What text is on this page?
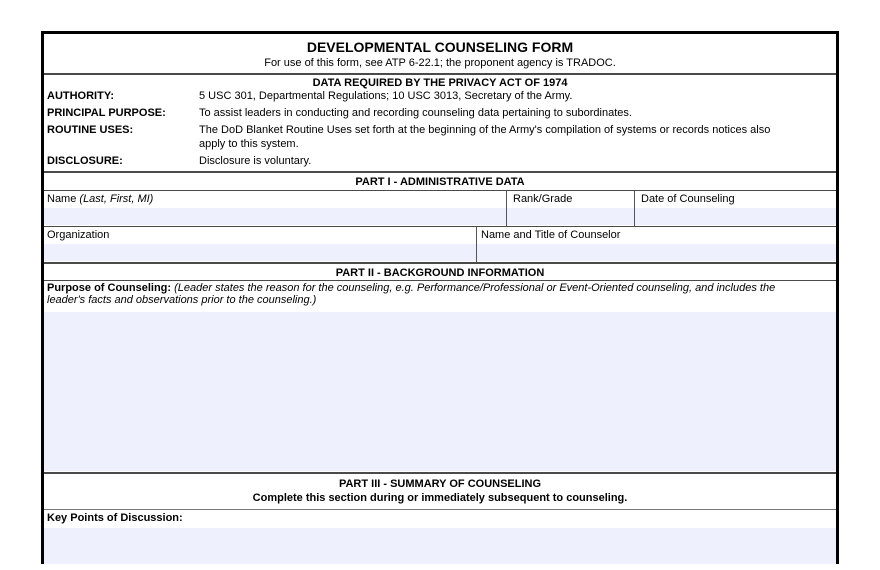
DEVELOPMENTAL COUNSELING FORM
For use of this form, see ATP 6-22.1; the proponent agency is TRADOC.
DATA REQUIRED BY THE PRIVACY ACT OF 1974
AUTHORITY:	5 USC 301, Departmental Regulations; 10 USC 3013, Secretary of the Army.
PRINCIPAL PURPOSE:	To assist leaders in conducting and recording counseling data pertaining to subordinates.
ROUTINE USES:	The DoD Blanket Routine Uses set forth at the beginning of the Army's compilation of systems or records notices also
apply to this system.
DISCLOSURE:	Disclosure is voluntary.
PART I - ADMINISTRATIVE DATA
Name (Last, First, MI)	Rank/Grade	Date of Counseling
Organization	Name and Title of Counselor
PART II - BACKGROUND INFORMATION
Purpose of Counseling: (Leader states the reason for the counseling, e.g. Performance/Professional or Event-Oriented counseling, and includes the
leader's facts and observations prior to the counseling.)
PART III - SUMMARY OF COUNSELING
Complete this section during or immediately subsequent to counseling.
Key Points of Discussion:
